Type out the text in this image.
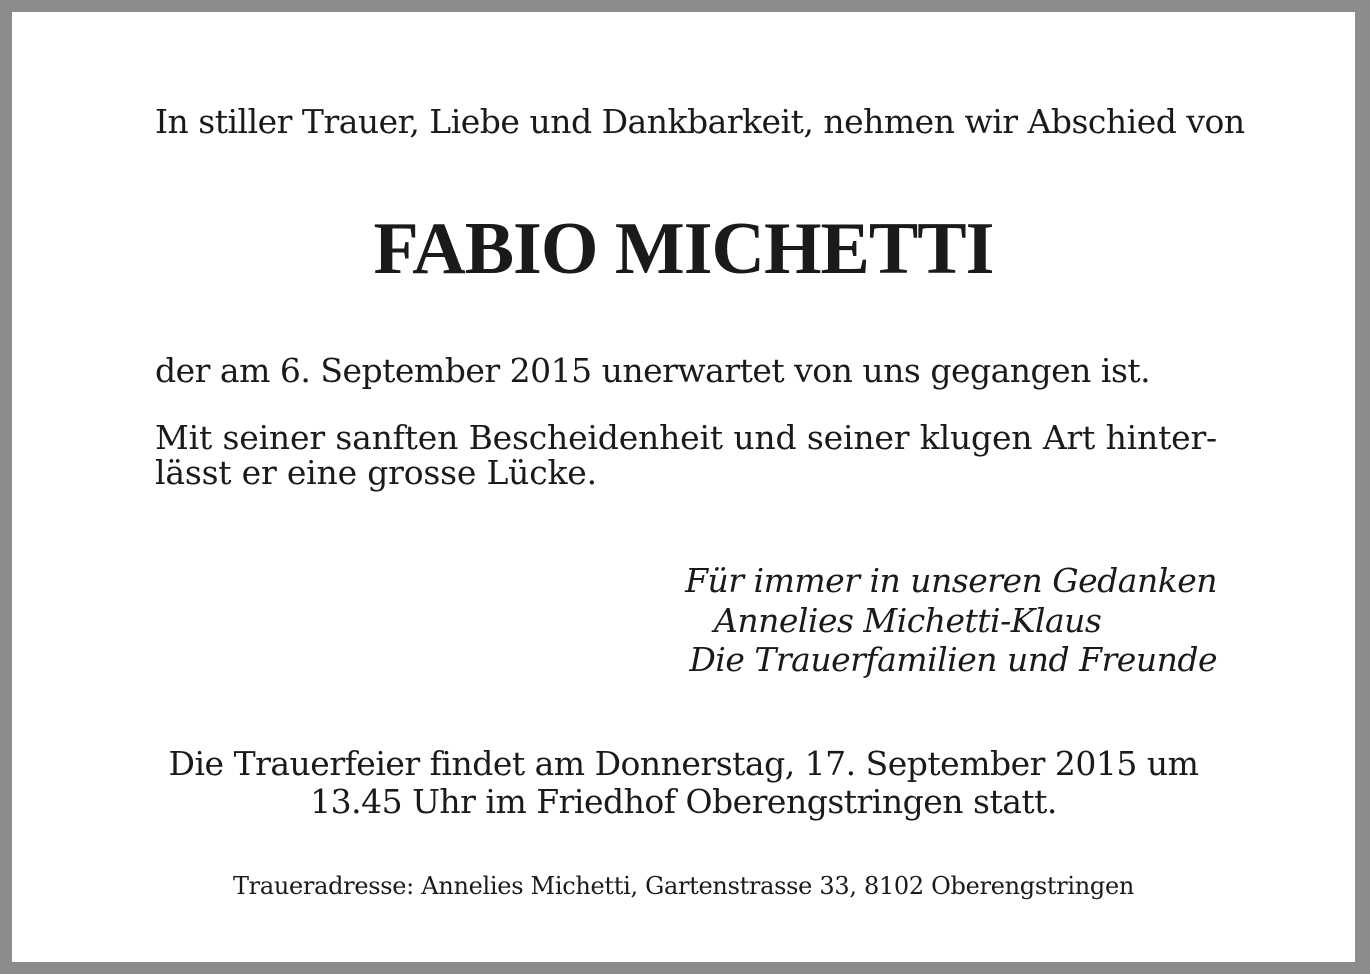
In stiller Trauer, Liebe und Dankbarkeit, nehmen wir Abschied von
FABIO MICHETTI
der am 6. September 2015 unerwartet von uns gegangen ist.
Mit seiner sanften Bescheidenheit und seiner klugen Art hinter-
lässt er eine grosse Lücke.
Für immer in unseren Gedanken
Annelies Michetti-Klaus
Die Trauerfamilien und Freunde
Die Trauerfeier findet am Donnerstag, 17. September 2015 um
13.45 Uhr im Friedhof Oberengstringen statt.
Traueradresse: Annelies Michetti, Gartenstrasse 33, 8102 Oberengstringen
